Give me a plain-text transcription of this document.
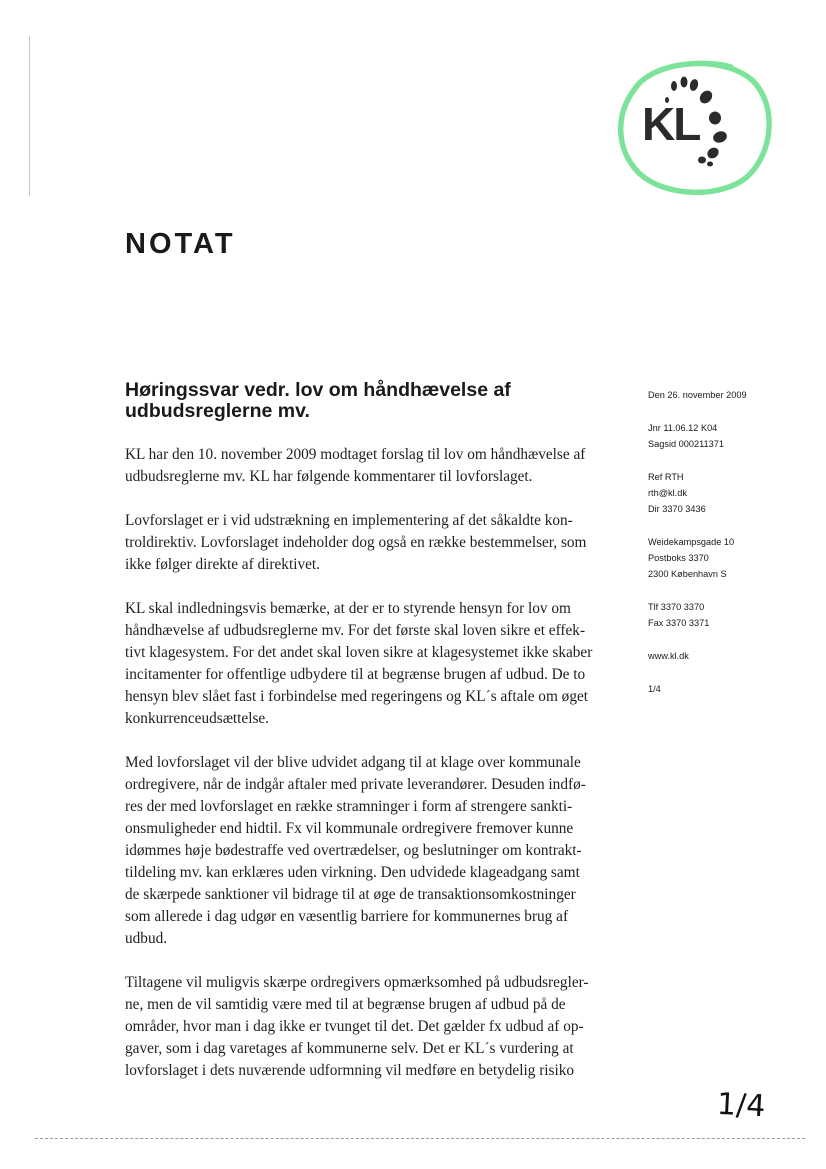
KL
NOTAT
Høringssvar vedr. lov om håndhævelse af
udbudsreglerne mv.

KL har den 10. november 2009 modtaget forslag til lov om håndhævelse af
udbudsreglerne mv. KL har følgende kommentarer til lovforslaget.

Lovforslaget er i vid udstrækning en implementering af det såkaldte kon-
troldirektiv. Lovforslaget indeholder dog også en række bestemmelser, som
ikke følger direkte af direktivet.

KL skal indledningsvis bemærke, at der er to styrende hensyn for lov om
håndhævelse af udbudsreglerne mv. For det første skal loven sikre et effek-
tivt klagesystem. For det andet skal loven sikre at klagesystemet ikke skaber
incitamenter for offentlige udbydere til at begrænse brugen af udbud. De to
hensyn blev slået fast i forbindelse med regeringens og KL´s aftale om øget
konkurrenceudsættelse.

Med lovforslaget vil der blive udvidet adgang til at klage over kommunale
ordregivere, når de indgår aftaler med private leverandører. Desuden indfø-
res der med lovforslaget en række stramninger i form af strengere sankti-
onsmuligheder end hidtil. Fx vil kommunale ordregivere fremover kunne
idømmes høje bødestraffe ved overtrædelser, og beslutninger om kontrakt-
tildeling mv. kan erklæres uden virkning. Den udvidede klageadgang samt
de skærpede sanktioner vil bidrage til at øge de transaktionsomkostninger
som allerede i dag udgør en væsentlig barriere for kommunernes brug af
udbud.

Tiltagene vil muligvis skærpe ordregivers opmærksomhed på udbudsregler-
ne, men de vil samtidig være med til at begrænse brugen af udbud på de
områder, hvor man i dag ikke er tvunget til det. Det gælder fx udbud af op-
gaver, som i dag varetages af kommunerne selv. Det er KL´s vurdering at
lovforslaget i dets nuværende udformning vil medføre en betydelig risiko

Den 26. november 2009
Jnr 11.06.12 K04
Sagsid 000211371
Ref RTH
rth@kl.dk
Dir 3370 3436
Weidekampsgade 10
Postboks 3370
2300 København S
Tlf 3370 3370
Fax 3370 3371
www.kl.dk
1/4
1/4
